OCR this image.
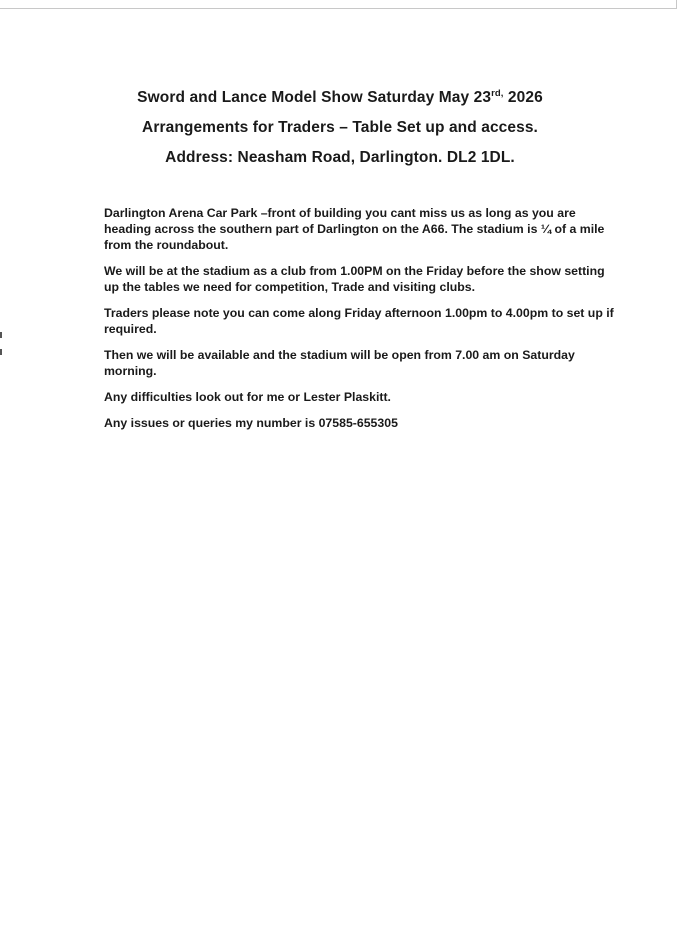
Sword and Lance Model Show Saturday May $23^{rd,}$ 2026
Arrangements for Traders – Table Set up and access.
Address: Neasham Road, Darlington. DL2 1DL.

Darlington Arena Car Park –front of building you cant miss us as long as you are heading across the southern part of Darlington on the A66. The stadium is ¼ of a mile from the roundabout.

We will be at the stadium as a club from 1.00PM on the Friday before the show setting up the tables we need for competition, Trade and visiting clubs.

Traders please note you can come along Friday afternoon 1.00pm to 4.00pm to set up if required.

Then we will be available and the stadium will be open from 7.00 am on Saturday morning.

Any difficulties look out for me or Lester Plaskitt.

Any issues or queries my number is 07585-655305
